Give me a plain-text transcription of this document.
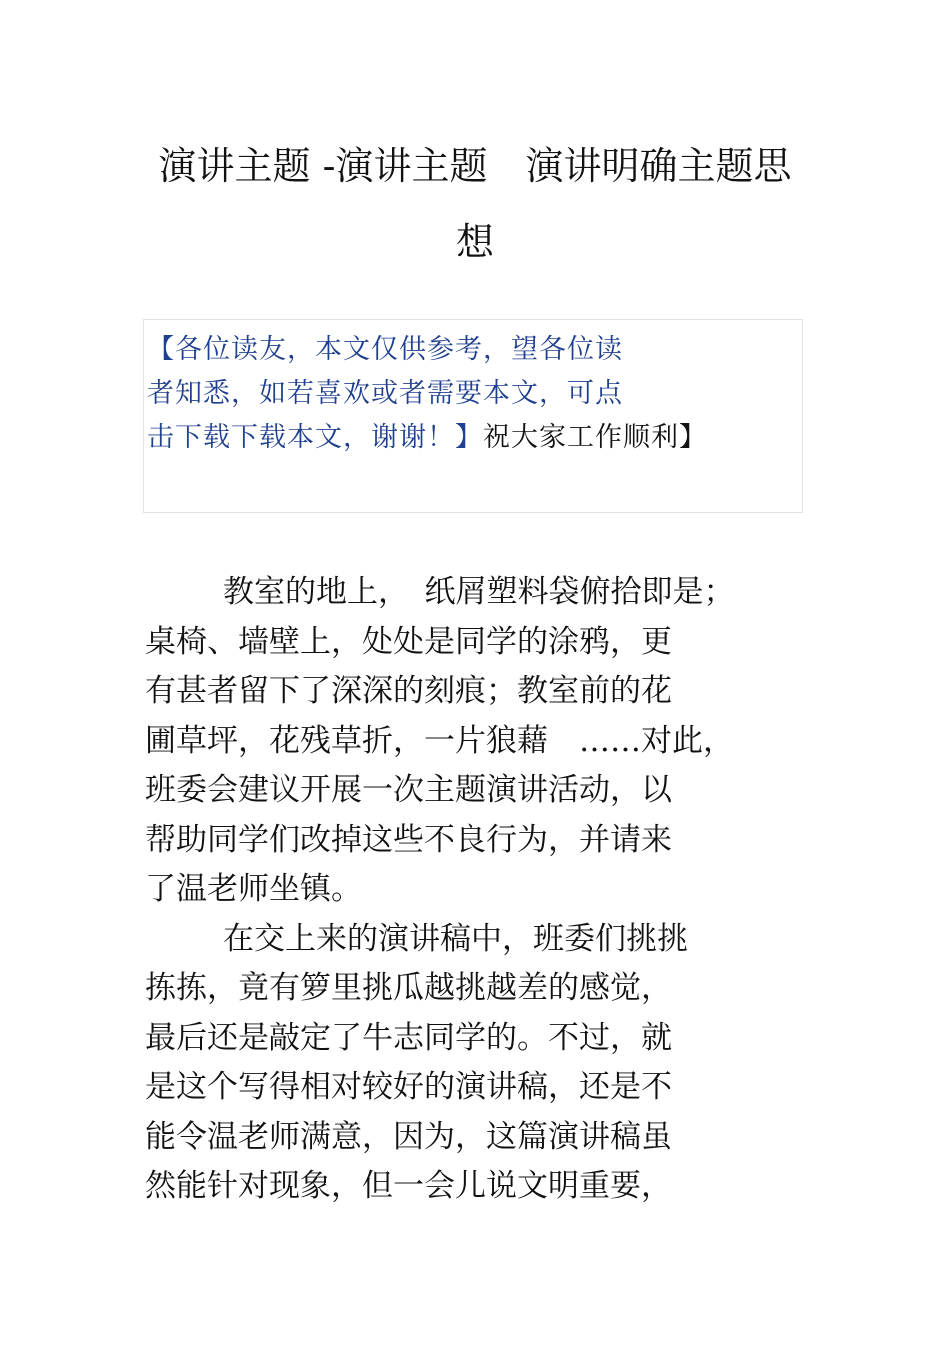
演讲主题 -演讲主题　演讲明确主题思
想
【各位读友，本文仅供参考，望各位读
者知悉，如若喜欢或者需要本文，可点
击下载下载本文，谢谢！】祝大家工作顺利】
教室的地上，　纸屑塑料袋俯拾即是；
桌椅、墙壁上，处处是同学的涂鸦，更
有甚者留下了深深的刻痕；教室前的花
圃草坪，花残草折，一片狼藉　……对此，
班委会建议开展一次主题演讲活动，以
帮助同学们改掉这些不良行为，并请来
了温老师坐镇。
在交上来的演讲稿中，班委们挑挑
拣拣，竟有箩里挑瓜越挑越差的感觉，
最后还是敲定了牛志同学的。不过，就
是这个写得相对较好的演讲稿，还是不
能令温老师满意，因为，这篇演讲稿虽
然能针对现象，但一会儿说文明重要，
